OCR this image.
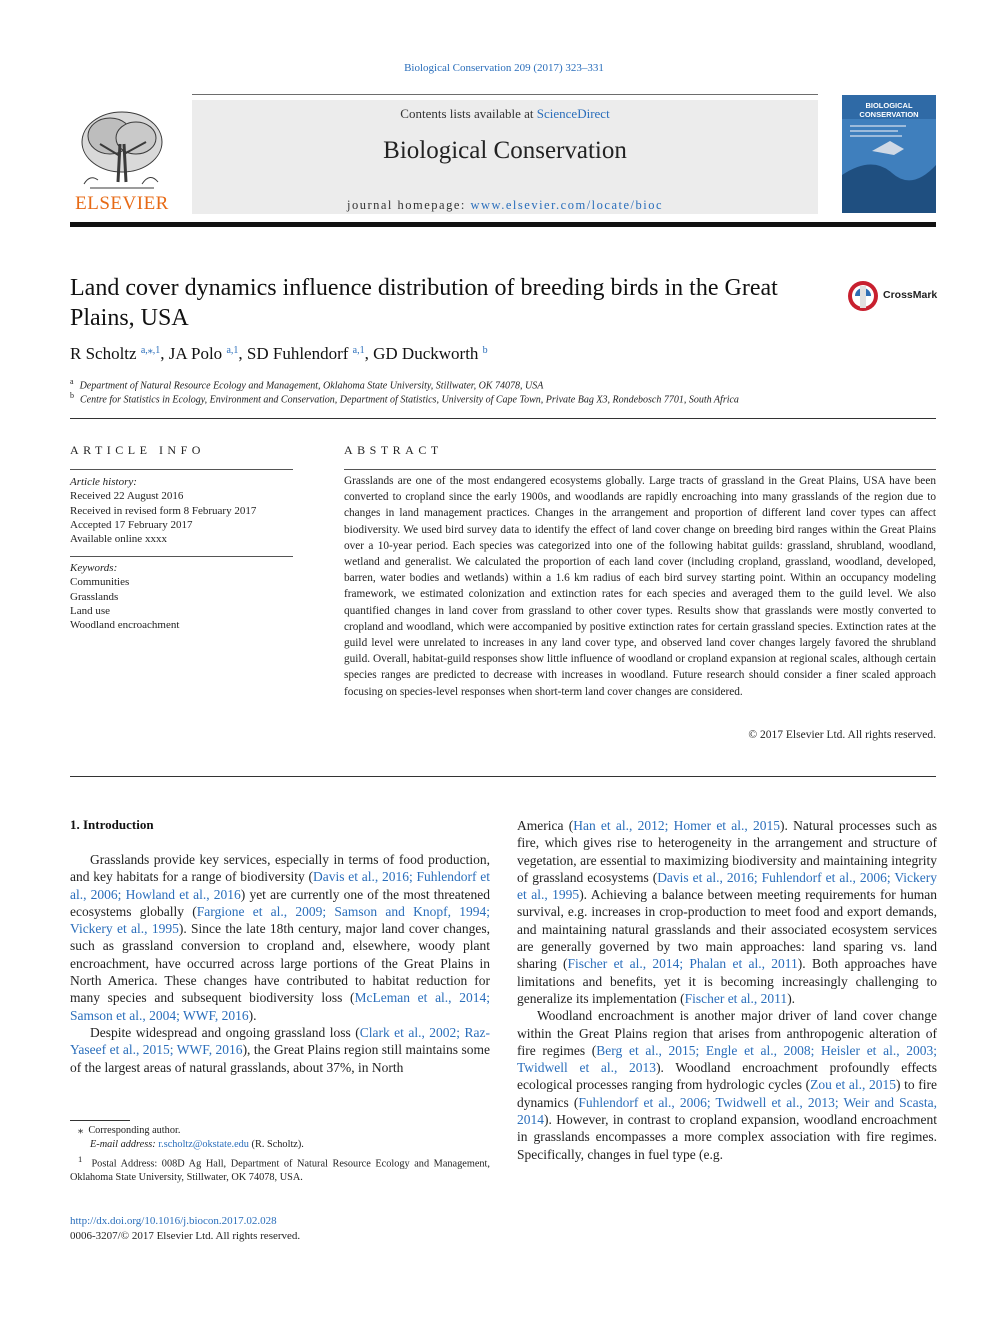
Biological Conservation 209 (2017) 323–331
ELSEVIER
Contents lists available at ScienceDirect
Biological Conservation
journal homepage: www.elsevier.com/locate/bioc
BIOLOGICAL CONSERVATION
Land cover dynamics influence distribution of breeding birds in the Great Plains, USA
CrossMark
R Scholtz $^{a,⁎,1}$, JA Polo $^{a,1}$, SD Fuhlendorf $^{a,1}$, GD Duckworth $^b$
$^a$ Department of Natural Resource Ecology and Management, Oklahoma State University, Stillwater, OK 74078, USA
$^b$ Centre for Statistics in Ecology, Environment and Conservation, Department of Statistics, University of Cape Town, Private Bag X3, Rondebosch 7701, South Africa
ARTICLE INFO
Article history:
Received 22 August 2016
Received in revised form 8 February 2017
Accepted 17 February 2017
Available online xxxx
Keywords:
Communities
Grasslands
Land use
Woodland encroachment
ABSTRACT
Grasslands are one of the most endangered ecosystems globally. Large tracts of grassland in the Great Plains, USA have been converted to cropland since the early 1900s, and woodlands are rapidly encroaching into many grasslands of the region due to changes in land management practices. Changes in the arrangement and proportion of different land cover types can affect biodiversity. We used bird survey data to identify the effect of land cover change on breeding bird ranges within the Great Plains over a 10-year period. Each species was categorized into one of the following habitat guilds: grassland, shrubland, woodland, wetland and generalist. We calculated the proportion of each land cover (including cropland, grassland, woodland, developed, barren, water bodies and wetlands) within a 1.6 km radius of each bird survey starting point. Within an occupancy modeling framework, we estimated colonization and extinction rates for each species and averaged them to the guild level. We also quantified changes in land cover from grassland to other cover types. Results show that grasslands were mostly converted to cropland and woodland, which were accompanied by positive extinction rates for certain grassland species. Extinction rates at the guild level were unrelated to increases in any land cover type, and observed land cover changes largely favored the shrubland guild. Overall, habitat-guild responses show little influence of woodland or cropland expansion at regional scales, although certain species ranges are predicted to decrease with increases in woodland. Future research should consider a finer scaled approach focusing on species-level responses when short-term land cover changes are considered.
© 2017 Elsevier Ltd. All rights reserved.
1. Introduction

Grasslands provide key services, especially in terms of food production, and key habitats for a range of biodiversity (Davis et al., 2016; Fuhlendorf et al., 2006; Howland et al., 2016) yet are currently one of the most threatened ecosystems globally (Fargione et al., 2009; Samson and Knopf, 1994; Vickery et al., 1995). Since the late 18th century, major land cover changes, such as grassland conversion to cropland and, elsewhere, woody plant encroachment, have occurred across large portions of the Great Plains in North America. These changes have contributed to habitat reduction for many species and subsequent biodiversity loss (McLeman et al., 2014; Samson et al., 2004; WWF, 2016).

Despite widespread and ongoing grassland loss (Clark et al., 2002; Raz-Yaseef et al., 2015; WWF, 2016), the Great Plains region still maintains some of the largest areas of natural grasslands, about 37%, in North

America (Han et al., 2012; Homer et al., 2015). Natural processes such as fire, which gives rise to heterogeneity in the arrangement and structure of vegetation, are essential to maximizing biodiversity and maintaining integrity of grassland ecosystems (Davis et al., 2016; Fuhlendorf et al., 2006; Vickery et al., 1995). Achieving a balance between meeting requirements for human survival, e.g. increases in crop-production to meet food and export demands, and maintaining natural grasslands and their associated ecosystem services are generally governed by two main approaches: land sparing vs. land sharing (Fischer et al., 2014; Phalan et al., 2011). Both approaches have limitations and benefits, yet it is becoming increasingly challenging to generalize its implementation (Fischer et al., 2011).

Woodland encroachment is another major driver of land cover change within the Great Plains region that arises from anthropogenic alteration of fire regimes (Berg et al., 2015; Engle et al., 2008; Heisler et al., 2003; Twidwell et al., 2013). Woodland encroachment profoundly effects ecological processes ranging from hydrologic cycles (Zou et al., 2015) to fire dynamics (Fuhlendorf et al., 2006; Twidwell et al., 2013; Weir and Scasta, 2014). However, in contrast to cropland expansion, woodland encroachment in grasslands encompasses a more complex association with fire regimes. Specifically, changes in fuel type (e.g.

⁎ Corresponding author.
E-mail address: r.scholtz@okstate.edu (R. Scholtz).
$^1$ Postal Address: 008D Ag Hall, Department of Natural Resource Ecology and Management, Oklahoma State University, Stillwater, OK 74078, USA.
http://dx.doi.org/10.1016/j.biocon.2017.02.028
0006-3207/© 2017 Elsevier Ltd. All rights reserved.
